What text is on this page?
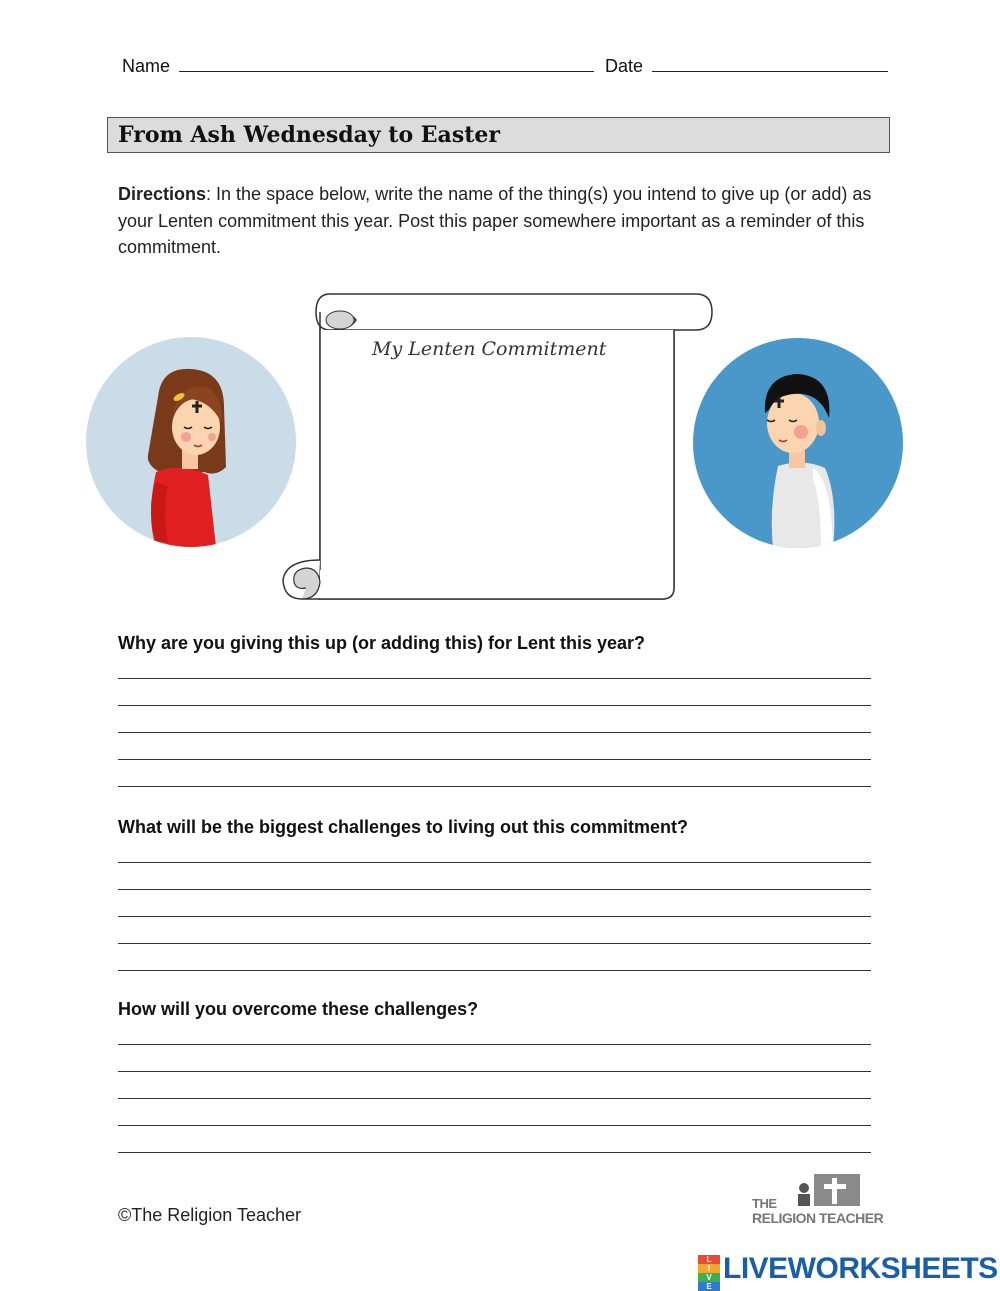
Name	Date
From Ash Wednesday to Easter

Directions: In the space below, write the name of the thing(s) you intend to give up (or add) as your Lenten commitment this year. Post this paper somewhere important as a reminder of this commitment.

My Lenten Commitment
Why are you giving this up (or adding this) for Lent this year?
What will be the biggest challenges to living out this commitment?
How will you overcome these challenges?
©The Religion Teacher
THE
RELIGION TEACHER
L
I
V
E
LIVEWORKSHEETS
